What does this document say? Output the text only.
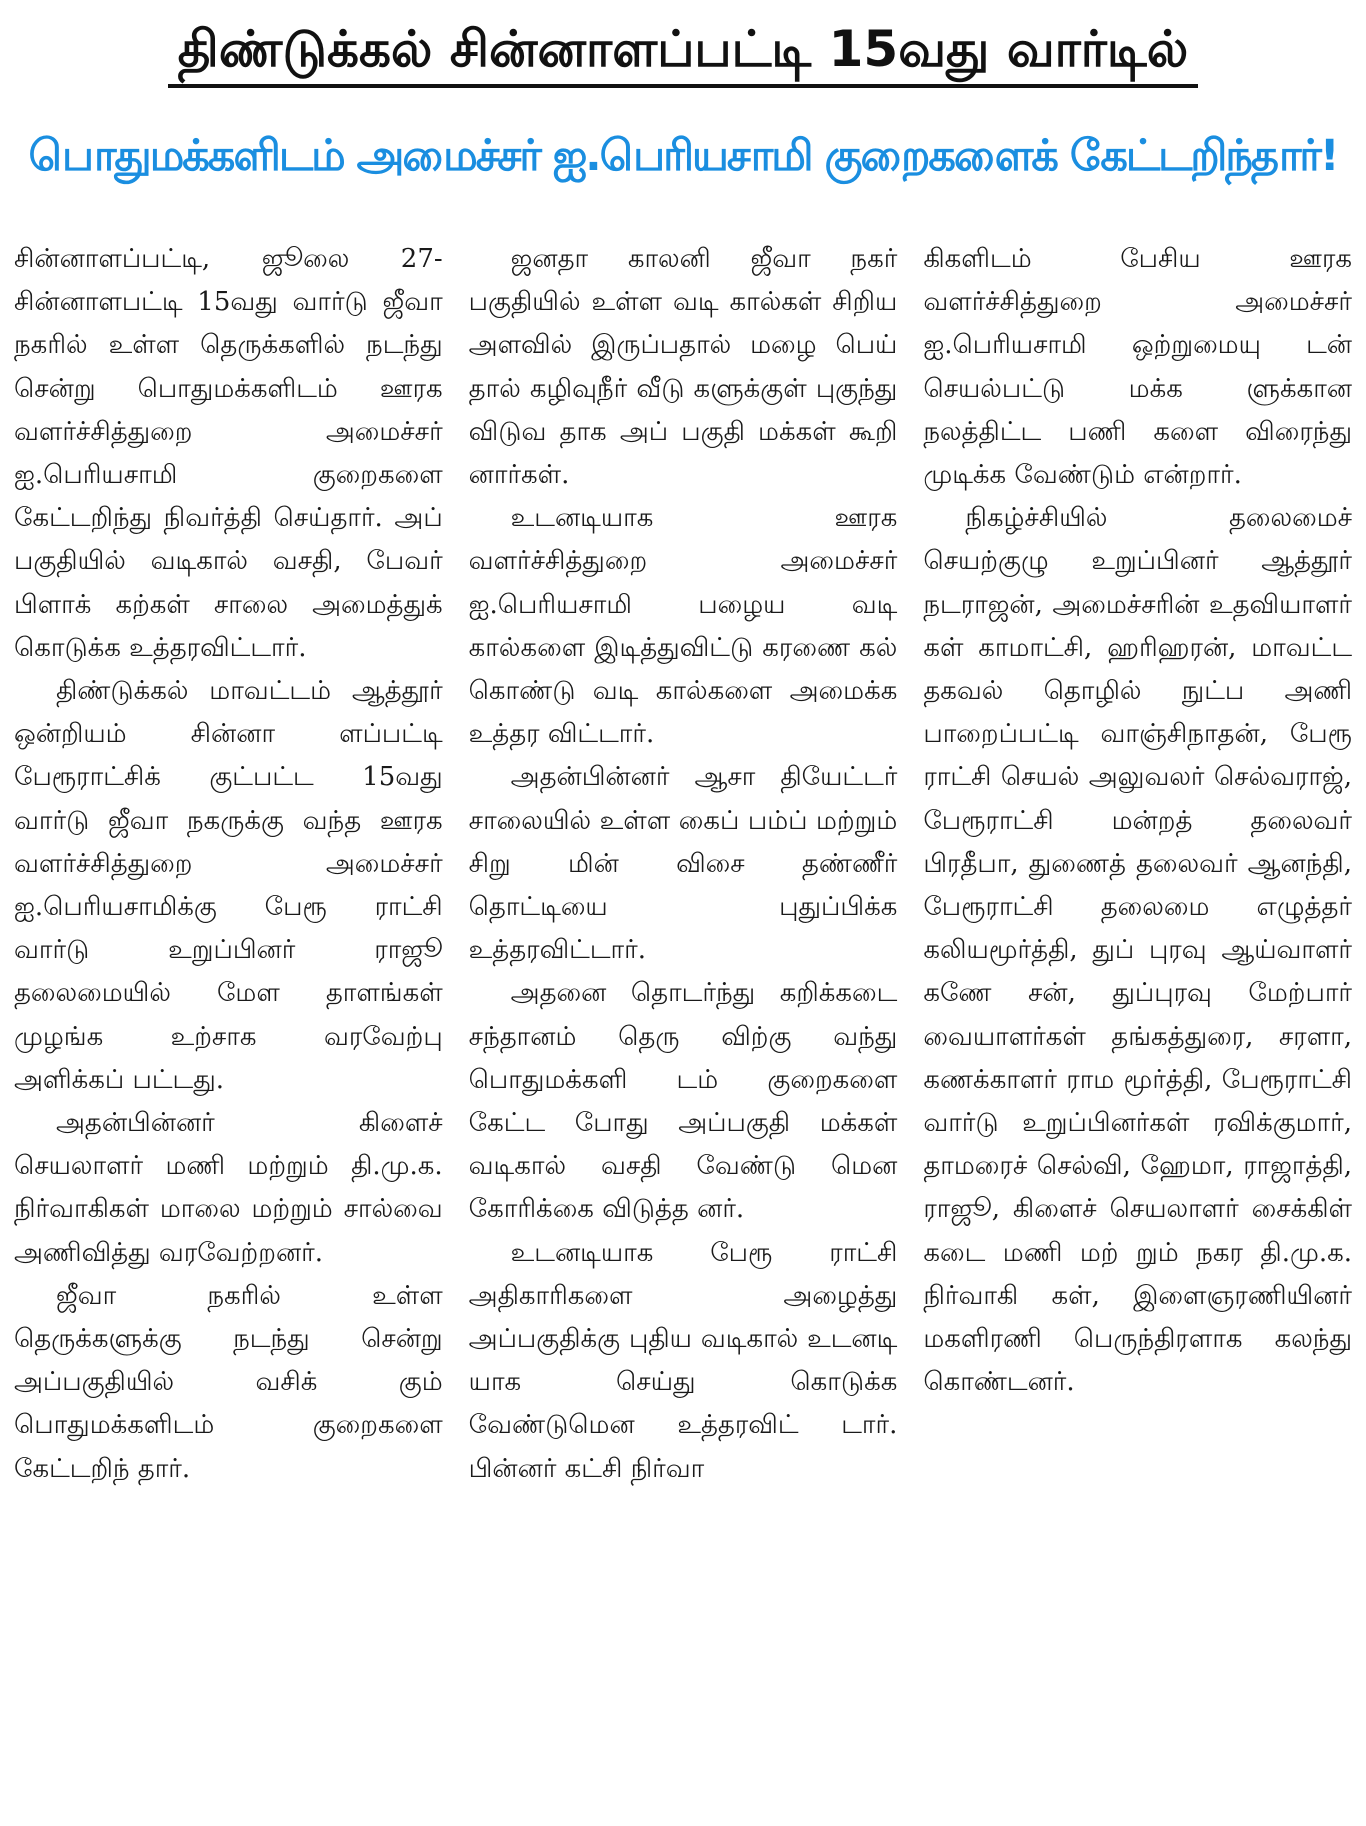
திண்டுக்கல் சின்னாளப்பட்டி 15வது வார்டில்
பொதுமக்களிடம் அமைச்சர் ஐ.பெரியசாமி குறைகளைக் கேட்டறிந்தார்!

சின்னாளப்பட்டி, ஜூலை 27- சின்னாளபட்டி 15வது வார்டு ஜீவா நகரில் உள்ள தெருக்களில் நடந்து சென்று பொதுமக்களிடம் ஊரக வளர்ச்சித்துறை அமைச்சர் ஐ.பெரியசாமி குறைகளை கேட்டறிந்து நிவர்த்தி செய்தார். அப் பகுதியில் வடிகால் வசதி, பேவர் பிளாக் கற்கள் சாலை அமைத்துக் கொடுக்க உத்தரவிட்டார்.

திண்டுக்கல் மாவட்டம் ஆத்தூர் ஒன்றியம் சின்னா ளப்பட்டி பேரூராட்சிக் குட்பட்ட 15வது வார்டு ஜீவா நகருக்கு வந்த ஊரக வளர்ச்சித்துறை அமைச்சர் ஐ.பெரியசாமிக்கு பேரூ ராட்சி வார்டு உறுப்பினர் ராஜூ தலைமையில் மேள தாளங்கள் முழங்க உற்சாக வரவேற்பு அளிக்கப் பட்டது.

அதன்பின்னர் கிளைச் செயலாளர் மணி மற்றும் தி.மு.க. நிர்வாகிகள் மாலை மற்றும் சால்வை அணிவித்து வரவேற்றனர்.

ஜீவா நகரில் உள்ள தெருக்களுக்கு நடந்து சென்று அப்பகுதியில் வசிக் கும் பொதுமக்களிடம் குறைகளை கேட்டறிந் தார்.

ஜனதா காலனி ஜீவா நகர் பகுதியில் உள்ள வடி கால்கள் சிறிய அளவில் இருப்பதால் மழை பெய் தால் கழிவுநீர் வீடு களுக்குள் புகுந்து விடுவ தாக அப் பகுதி மக்கள் கூறி னார்கள்.

உடனடியாக ஊரக வளர்ச்சித்துறை அமைச்சர் ஐ.பெரியசாமி பழைய வடி கால்களை இடித்துவிட்டு கரணை கல் கொண்டு வடி கால்களை அமைக்க உத்தர விட்டார்.

அதன்பின்னர் ஆசா தியேட்டர் சாலையில் உள்ள கைப் பம்ப் மற்றும் சிறு மின் விசை தண்ணீர் தொட்டியை புதுப்பிக்க உத்தரவிட்டார்.

அதனை தொடர்ந்து கறிக்கடை சந்தானம் தெரு விற்கு வந்து பொதுமக்களி டம் குறைகளை கேட்ட போது அப்பகுதி மக்கள் வடிகால் வசதி வேண்டு மென கோரிக்கை விடுத்த னர்.

உடனடியாக பேரூ ராட்சி அதிகாரிகளை அழைத்து அப்பகுதிக்கு புதிய வடிகால் உடனடி யாக செய்து கொடுக்க வேண்டுமென உத்தரவிட் டார். பின்னர் கட்சி நிர்வா

கிகளிடம் பேசிய ஊரக வளர்ச்சித்துறை அமைச்சர் ஐ.பெரியசாமி ஒற்றுமையு டன் செயல்பட்டு மக்க ளுக்கான நலத்திட்ட பணி களை விரைந்து முடிக்க வேண்டும் என்றார்.

நிகழ்ச்சியில் தலைமைச் செயற்குழு உறுப்பினர் ஆத்தூர் நடராஜன், அமைச்சரின் உதவியாளர் கள் காமாட்சி, ஹரிஹரன், மாவட்ட தகவல் தொழில் நுட்ப அணி பாறைப்பட்டி வாஞ்சிநாதன், பேரூ ராட்சி செயல் அலுவலர் செல்வராஜ், பேரூராட்சி மன்றத் தலைவர் பிரதீபா, துணைத் தலைவர் ஆனந்தி, பேரூராட்சி தலைமை எழுத்தர் கலியமூர்த்தி, துப் புரவு ஆய்வாளர் கணே சன், துப்புரவு மேற்பார் வையாளர்கள் தங்கத்துரை, சரளா, கணக்காளர் ராம மூர்த்தி, பேரூராட்சி வார்டு உறுப்பினர்கள் ரவிக்குமார், தாமரைச் செல்வி, ஹேமா, ராஜாத்தி, ராஜூ, கிளைச் செயலாளர் சைக்கிள் கடை மணி மற் றும் நகர தி.மு.க. நிர்வாகி கள், இளைஞரணியினர் மகளிரணி பெருந்திரளாக கலந்து கொண்டனர்.
